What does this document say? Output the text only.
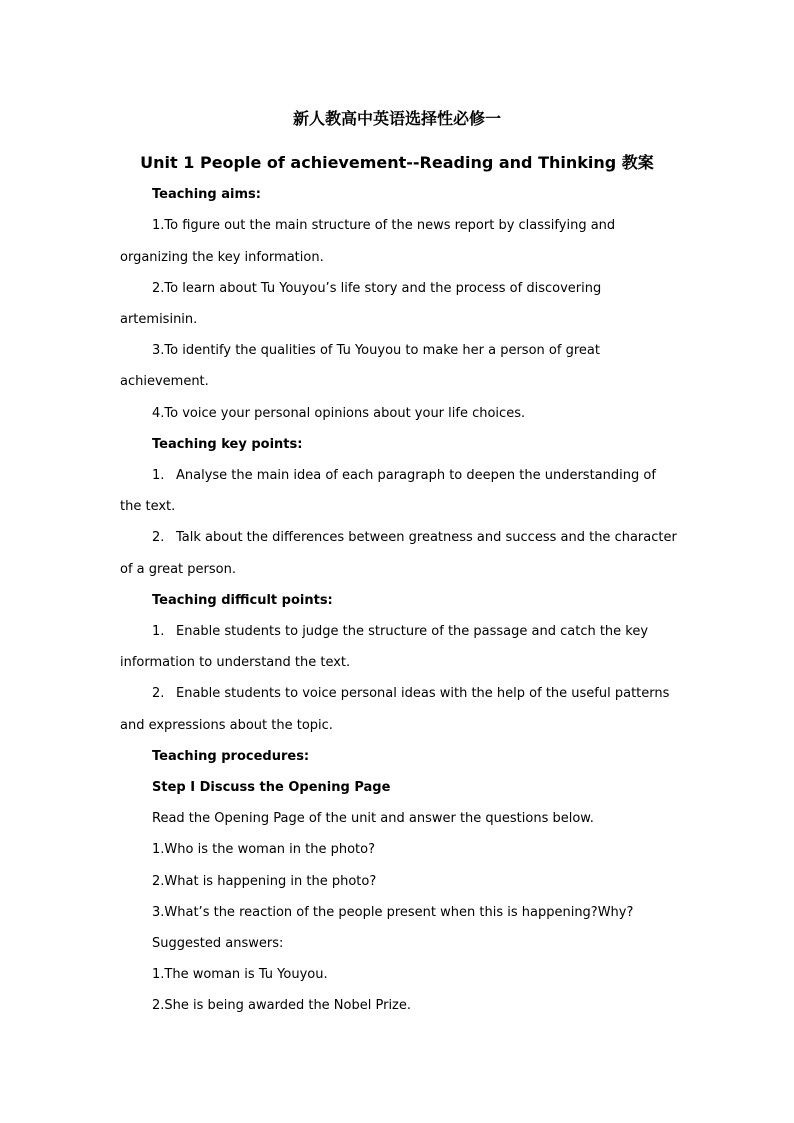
新人教高中英语选择性必修一
Unit 1 People of achievement--Reading and Thinking 教案
Teaching aims:
1.To figure out the main structure of the news report by classifying and
organizing the key information.
2.To learn about Tu Youyou’s life story and the process of discovering
artemisinin.
3.To identify the qualities of Tu Youyou to make her a person of great
achievement.
4.To voice your personal opinions about your life choices.
Teaching key points:
1. Analyse the main idea of each paragraph to deepen the understanding of
the text.
2. Talk about the differences between greatness and success and the character
of a great person.
Teaching difficult points:
1. Enable students to judge the structure of the passage and catch the key
information to understand the text.
2. Enable students to voice personal ideas with the help of the useful patterns
and expressions about the topic.
Teaching procedures:
Step Ⅰ Discuss the Opening Page
Read the Opening Page of the unit and answer the questions below.
1.Who is the woman in the photo?
2.What is happening in the photo?
3.What’s the reaction of the people present when this is happening?Why?
Suggested answers:
1.The woman is Tu Youyou.
2.She is being awarded the Nobel Prize.
